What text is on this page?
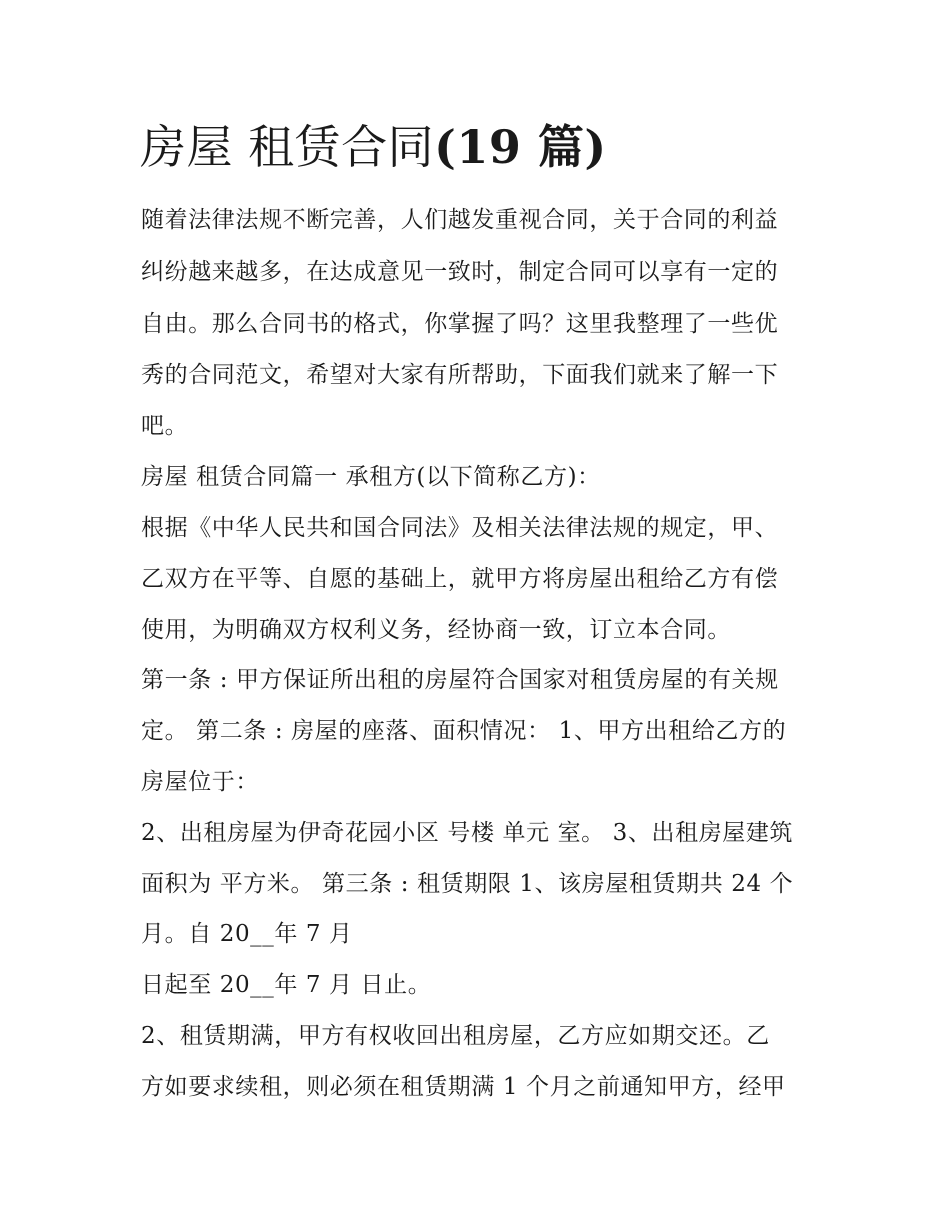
房屋 租赁合同(19 篇)

随着法律法规不断完善，人们越发重视合同，关于合同的利益

纠纷越来越多，在达成意见一致时，制定合同可以享有一定的

自由。那么合同书的格式，你掌握了吗？这里我整理了一些优

秀的合同范文，希望对大家有所帮助，下面我们就来了解一下

吧。

房屋 租赁合同篇一 承租方(以下简称乙方)：

根据《中华人民共和国合同法》及相关法律法规的规定，甲、

乙双方在平等、自愿的基础上，就甲方将房屋出租给乙方有偿

使用，为明确双方权利义务，经协商一致，订立本合同。

第一条 : 甲方保证所出租的房屋符合国家对租赁房屋的有关规

定。 第二条 : 房屋的座落、面积情况： 1、甲方出租给乙方的

房屋位于：

2、出租房屋为伊奇花园小区 号楼 单元 室。 3、出租房屋建筑

面积为 平方米。 第三条 : 租赁期限 1、该房屋租赁期共 24 个

月。自 20__年 7 月

日起至 20__年 7 月 日止。

2、租赁期满，甲方有权收回出租房屋，乙方应如期交还。乙

方如要求续租，则必须在租赁期满 1 个月之前通知甲方，经甲
